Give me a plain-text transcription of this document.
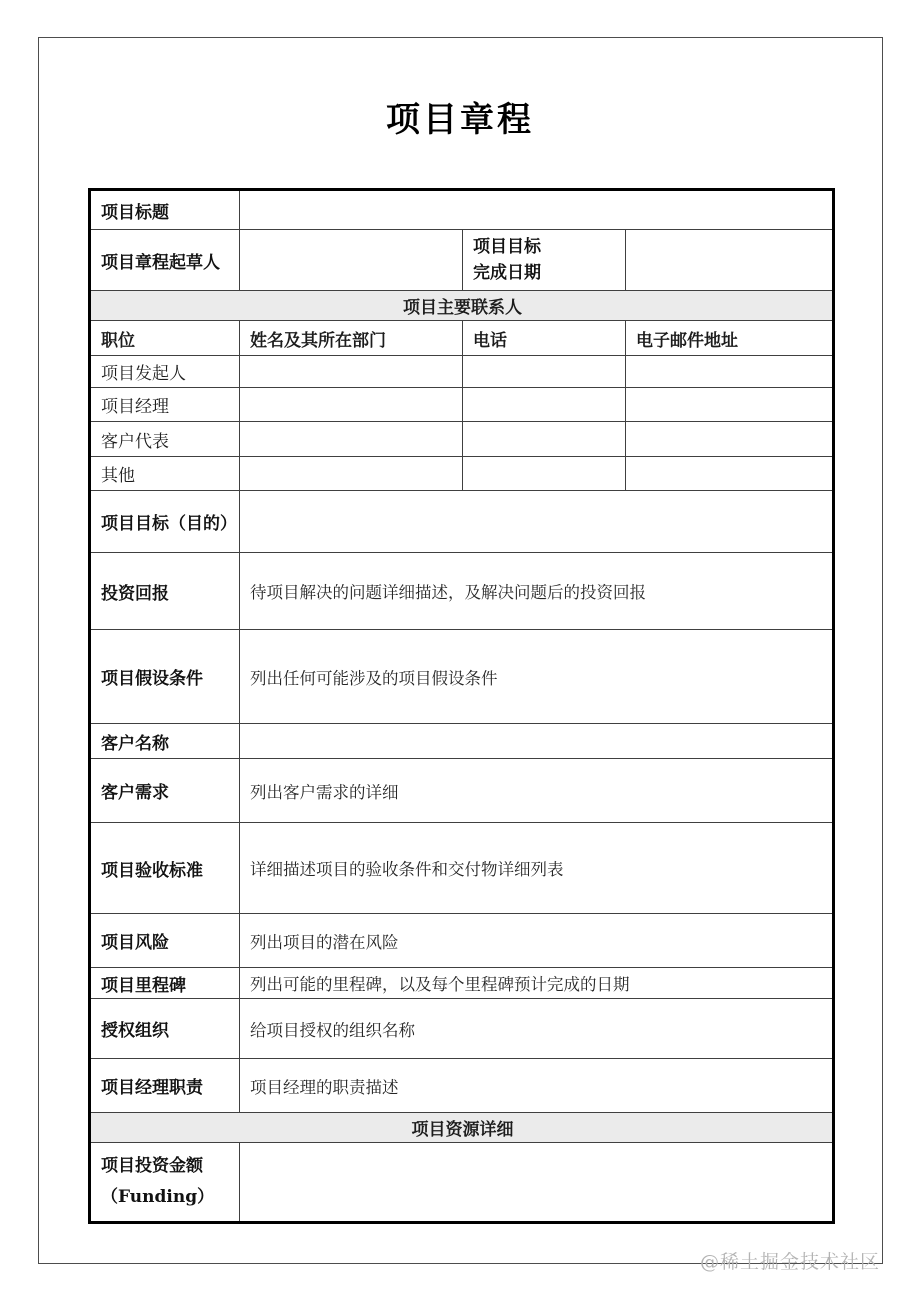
项目章程
项目标题			
项目章程起草人		项目目标
完成日期	

项目主要联系人			
职位	姓名及其所在部门	电话	电子邮件地址
项目发起人			
项目经理			
客户代表			
其他			
项目目标（目的）			
投资回报	待项目解决的问题详细描述，及解决问题后的投资回报		
项目假设条件	列出任何可能涉及的项目假设条件		
客户名称			
客户需求	列出客户需求的详细		
项目验收标准	详细描述项目的验收条件和交付物详细列表		
项目风险	列出项目的潜在风险		
项目里程碑	列出可能的里程碑，以及每个里程碑预计完成的日期		
授权组织	给项目授权的组织名称		
项目经理职责	项目经理的职责描述		
项目资源详细			

项目投资金额
（Funding）			

@稀土掘金技术社区
